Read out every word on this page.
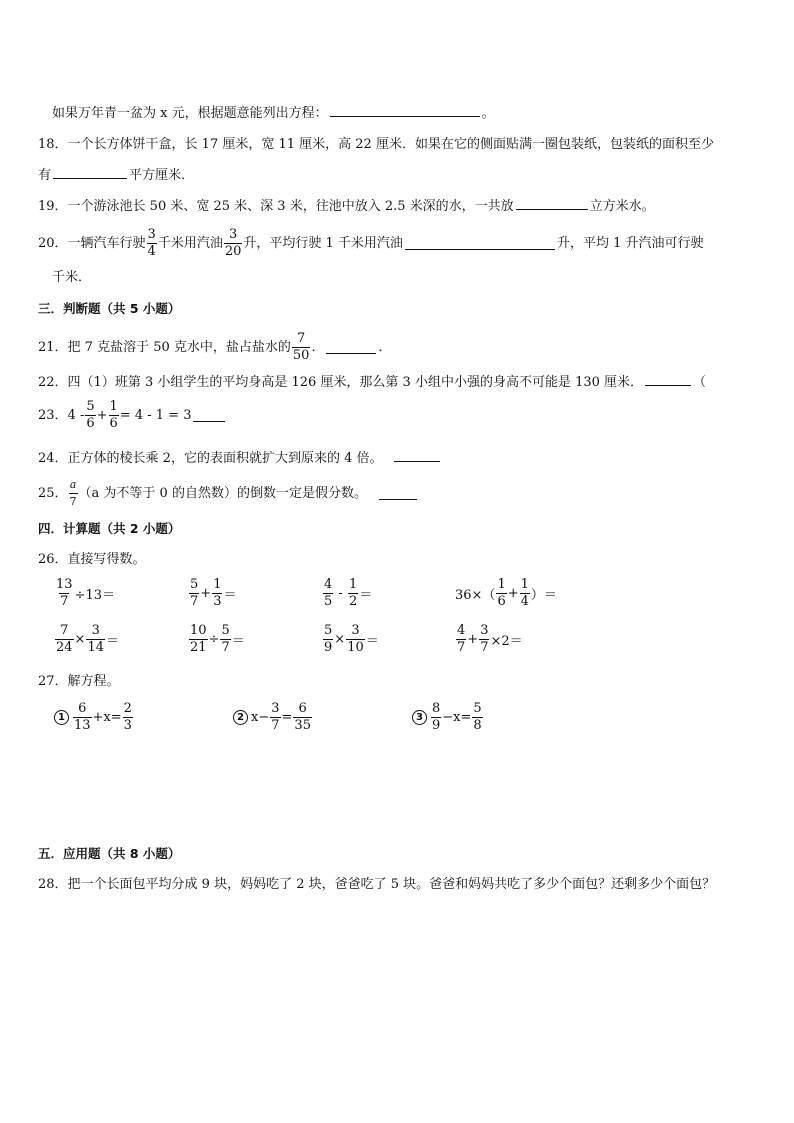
如果万年青一盆为 x 元，根据题意能列出方程：	。
18．一个长方体饼干盒，长 17 厘米，宽 11 厘米，高 22 厘米．如果在它的侧面贴满一圈包装纸，包装纸的面积至少
有	平方厘米．
19．一个游泳池长 50 米、宽 25 米、深 3 米，往池中放入 2.5 米深的水，一共放	立方米水。
20．一辆汽车行驶 $\frac{3}{4}$ 千米用汽油 $\frac{3}{20}$ 升，平均行驶 1 千米用汽油	升，平均 1 升汽油可行驶
千米．
三．判断题（共 5 小题）
21．把 7 克盐溶于 50 克水中，盐占盐水的 $\frac{7}{50}$ ．	．
22．四（1）班第 3 小组学生的平均身高是 126 厘米，那么第 3 小组中小强的身高不可能是 130 厘米．	（
23．$4 - \frac{5}{6} + \frac{1}{6} = 4 - 1 = 3$
24．正方体的棱长乘 2，它的表面积就扩大到原来的 4 倍。
25． $\frac{a}{7} (a$ 为不等于 0 的自然数）的倒数一定是假分数。
四．计算题（共 2 小题）
26．直接写得数。
$\frac{13}{7} \div 13=$	$\frac{5}{7} + \frac{1}{3}$ ＝	$\frac{4}{5} - \frac{1}{2}$ ＝	$36\times( \frac{1}{6} + \frac{1}{4}$ ）＝
$\frac{7}{24} \times \frac{3}{14}$ ＝	$\frac{10}{21} \div \frac{5}{7}$ ＝	$\frac{5}{9} \times \frac{3}{10}$ ＝	$\frac{4}{7} + \frac{3}{7} \times 2=$
27．解方程。
$1 \frac{6}{13} +x= \frac{2}{3}$	2 $x- \frac{3}{7} = \frac{6}{35}$	$3 \frac{8}{9} -x= \frac{5}{8}$
五．应用题（共 8 小题）
28．把一个长面包平均分成 9 块，妈妈吃了 2 块，爸爸吃了 5 块。爸爸和妈妈共吃了多少个面包？还剩多少个面包？
